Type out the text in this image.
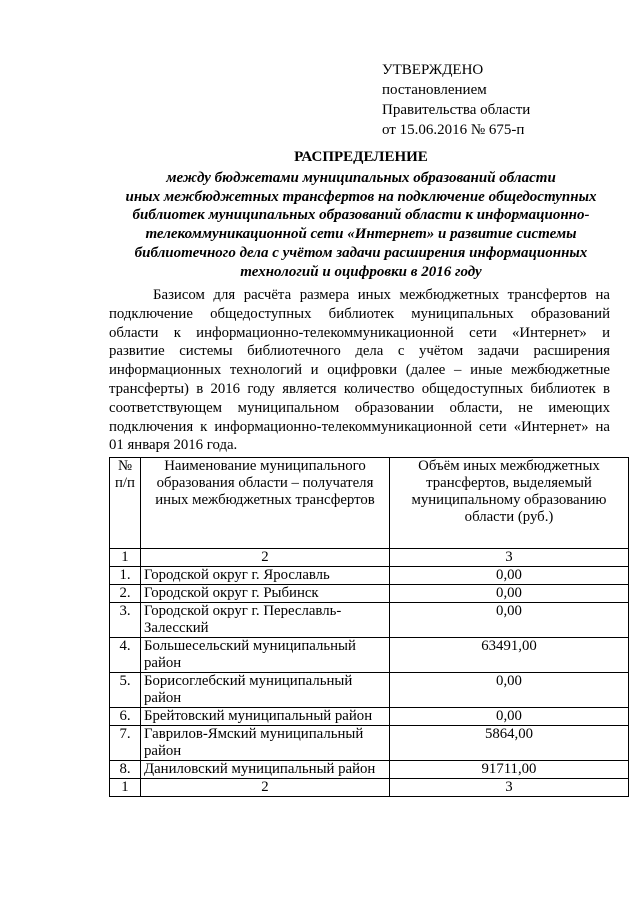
УТВЕРЖДЕНО
постановлением
Правительства области
от 15.06.2016 № 675-п
РАСПРЕДЕЛЕНИЕ
между бюджетами муниципальных образований области
иных межбюджетных трансфертов на подключение общедоступных
библиотек муниципальных образований области к информационно-
телекоммуникационной сети «Интернет» и развитие системы
библиотечного дела с учётом задачи расширения информационных
технологий и оцифровки в 2016 году
Базисом для расчёта размера иных межбюджетных трансфертов на
подключение общедоступных библиотек муниципальных образований
области к информационно-телекоммуникационной сети «Интернет» и
развитие системы библиотечного дела с учётом задачи расширения
информационных технологий и оцифровки (далее – иные межбюджетные
трансферты) в 2016 году является количество общедоступных библиотек в
соответствующем муниципальном образовании области, не имеющих
подключения к информационно-телекоммуникационной сети «Интернет» на
01 января 2016 года.
№ п/п	Наименование муниципального образования области – получателя иных межбюджетных трансфертов	Объём иных межбюджетных трансфертов, выделяемый муниципальному образованию области (руб.)
1	2	3
1.	Городской округ г. Ярославль	0,00
2.	Городской округ г. Рыбинск	0,00
3.	Городской округ г. Переславль-Залесский	0,00
4.	Большесельский муниципальный район	63491,00
5.	Борисоглебский муниципальный район	0,00
6.	Брейтовский муниципальный район	0,00
7.	Гаврилов-Ямский муниципальный район	5864,00
8.	Даниловский муниципальный район	91711,00
1	2	3
